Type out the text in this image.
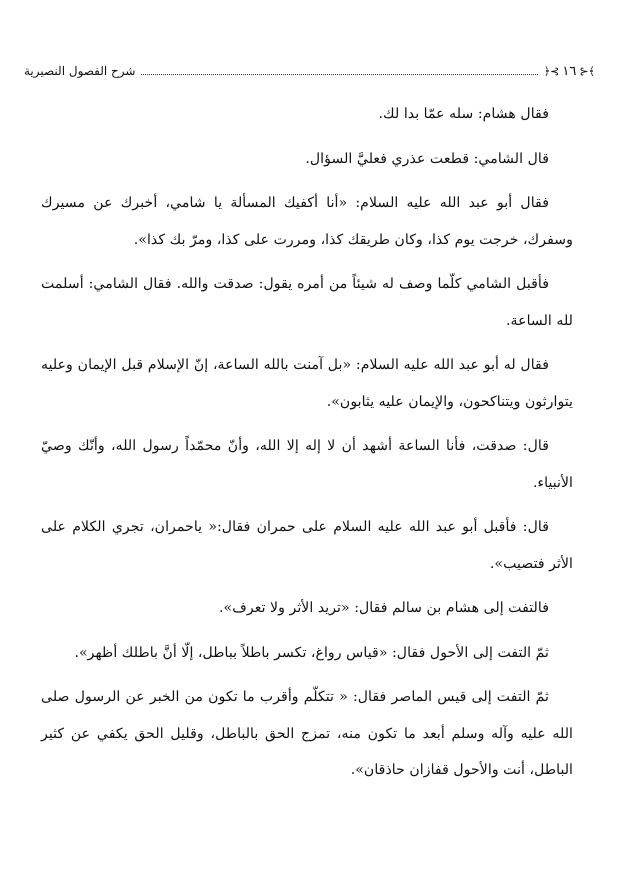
﴾⊰
١٦
⊱﴿
شرح الفصول النصيرية

فقال هشام: سله عمّا بدا لك.

قال الشامي: قطعت عذري فعليَّ السؤال.

فقال أبو عبد الله عليه السلام: «أنا أكفيك المسألة يا شامي، أخبرك عن مسيرك وسفرك، خرجت يوم كذا، وكان طريقك كذا، ومررت على كذا، ومرّ بك كذا».

فأقبل الشامي كلّما وصف له شيئاً من أمره يقول: صدقت والله. فقال الشامي: أسلمت لله الساعة.

فقال له أبو عبد الله عليه السلام: «بل آمنت بالله الساعة، إنّ الإسلام قبل الإيمان وعليه يتوارثون ويتناكحون، والإيمان عليه يثابون».

قال: صدقت، فأنا الساعة أشهد أن لا إله إلا الله، وأنّ محمّداً رسول الله، وأنّك وصيّ الأنبياء.

قال: فأقبل أبو عبد الله عليه السلام على حمران فقال:« ياحمران، تجري الكلام على الأثر فتصيب».

فالتفت إلى هشام بن سالم فقال: «تريد الأثر ولا تعرف».

ثمّ التفت إلى الأحول فقال: «قياس رواغ، تكسر باطلاً بباطل، إلّا أنَّ باطلك أظهر».

ثمّ التفت إلى قيس الماصر فقال: « تتكلّم وأقرب ما تكون من الخبر عن الرسول صلى الله عليه وآله وسلم أبعد ما تكون منه، تمزج الحق بالباطل، وقليل الحق يكفي عن كثير الباطل، أنت والأحول قفازان حاذقان».
